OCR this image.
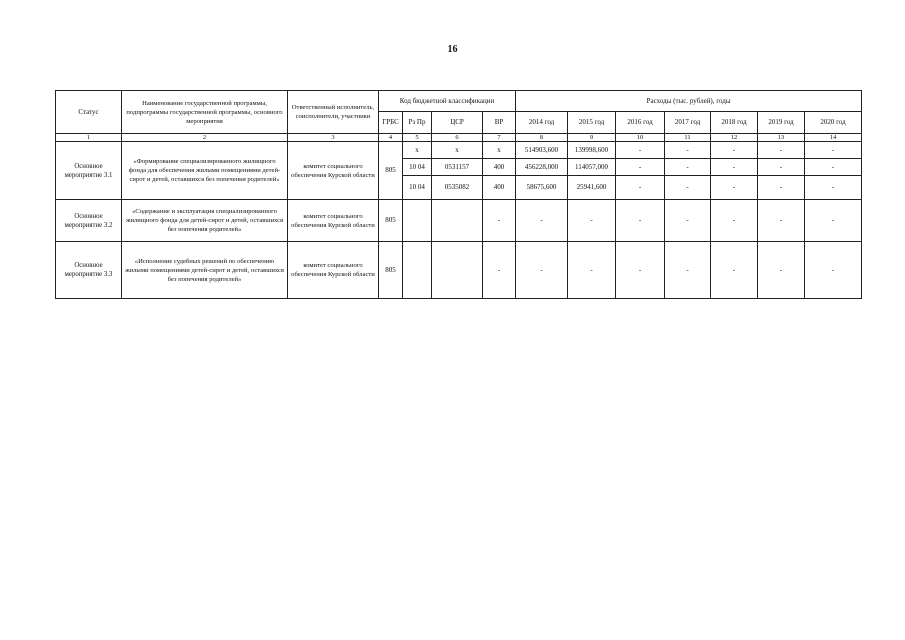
16
Статус	Наименование государственной программы, подпрограммы государственной программы, основного мероприятия	Ответственный исполнитель, соисполнители, участники	Код бюджетной классификации				Расходы (тыс. рублей), годы						
			ГРБС	Рз Пр	ЦСР	ВР	2014 год	2015 год	2016 год	2017 год	2018 год	2019 год	2020 год
1	2	3	4	5	6	7	8	9	10	11	12	13	14
Основное мероприятие 3.1	«Формирование специализированного жилищного фонда для обеспечения жилыми помещениями детей-сирот и детей, оставшихся без попечения родителей»	комитет социального обеспечения Курской области	805	х	х	х	514903,600	139998,600	-	-	-	-	-
				10 04	0531157	400	456228,000	114057,000	-	-	-	-	-
				10 04	0535082	400	58675,600	25941,600	-	-	-	-	-
Основное мероприятие 3.2	«Содержание и эксплуатация специализированного жилищного фонда для детей-сирот и детей, оставшихся без попечения родителей»	комитет социального обеспечения Курской области	805			-	-	-	-	-	-	-	-
Основное мероприятие 3.3	«Исполнение судебных решений по обеспечению жилыми помещениями детей-сирот и детей, оставшихся без попечения родителей»	комитет социального обеспечения Курской области	805			-	-	-	-	-	-	-	-
